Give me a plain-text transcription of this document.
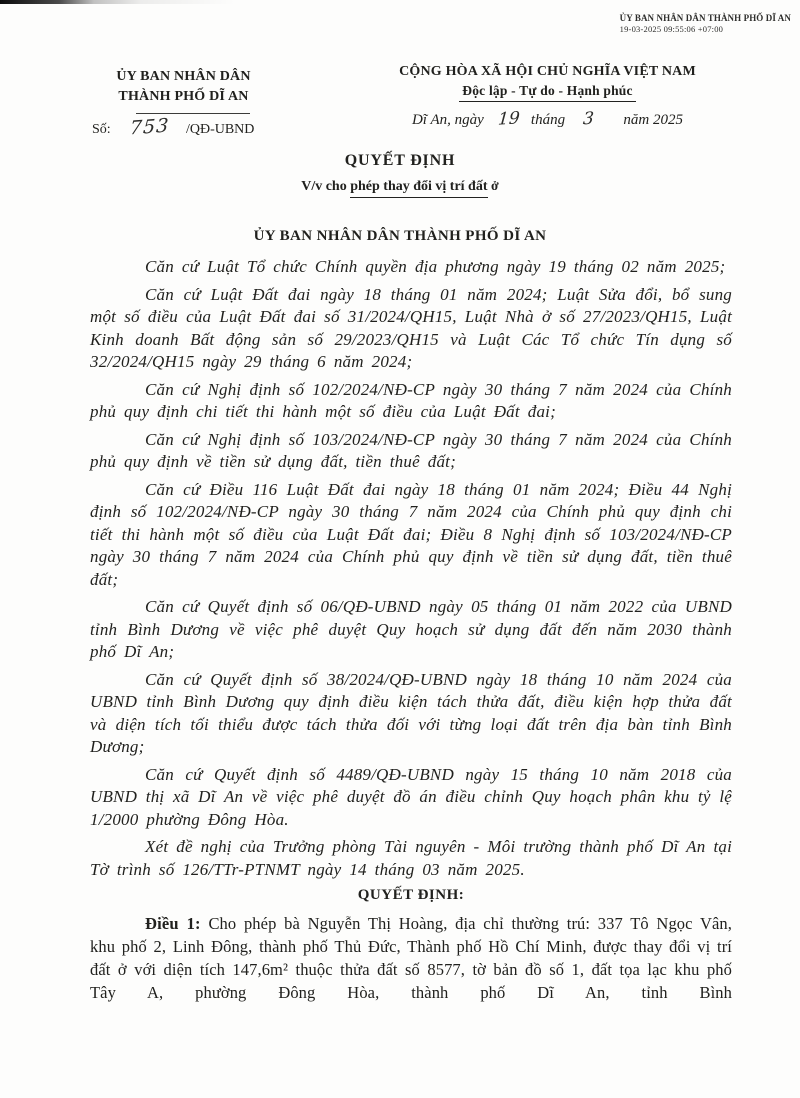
ỦY BAN NHÂN DÂN THÀNH PHỐ DĨ AN
19-03-2025 09:55:06 +07:00
ỦY BAN NHÂN DÂN
THÀNH PHỐ DĨ AN
Số: 753 /QĐ-UBND
CỘNG HÒA XÃ HỘI CHỦ NGHĨA VIỆT NAM
Độc lập - Tự do - Hạnh phúc
Dĩ An, ngày 19 tháng 3 năm 2025
QUYẾT ĐỊNH
V/v cho phép thay đổi vị trí đất ở
ỦY BAN NHÂN DÂN THÀNH PHỐ DĨ AN

Căn cứ Luật Tổ chức Chính quyền địa phương ngày 19 tháng 02 năm 2025;

Căn cứ Luật Đất đai ngày 18 tháng 01 năm 2024; Luật Sửa đổi, bổ sung một số điều của Luật Đất đai số 31/2024/QH15, Luật Nhà ở số 27/2023/QH15, Luật Kinh doanh Bất động sản số 29/2023/QH15 và Luật Các Tổ chức Tín dụng số 32/2024/QH15 ngày 29 tháng 6 năm 2024;

Căn cứ Nghị định số 102/2024/NĐ-CP ngày 30 tháng 7 năm 2024 của Chính phủ quy định chi tiết thi hành một số điều của Luật Đất đai;

Căn cứ Nghị định số 103/2024/NĐ-CP ngày 30 tháng 7 năm 2024 của Chính phủ quy định về tiền sử dụng đất, tiền thuê đất;

Căn cứ Điều 116 Luật Đất đai ngày 18 tháng 01 năm 2024; Điều 44 Nghị định số 102/2024/NĐ-CP ngày 30 tháng 7 năm 2024 của Chính phủ quy định chi tiết thi hành một số điều của Luật Đất đai; Điều 8 Nghị định số 103/2024/NĐ-CP ngày 30 tháng 7 năm 2024 của Chính phủ quy định về tiền sử dụng đất, tiền thuê đất;

Căn cứ Quyết định số 06/QĐ-UBND ngày 05 tháng 01 năm 2022 của UBND tỉnh Bình Dương về việc phê duyệt Quy hoạch sử dụng đất đến năm 2030 thành phố Dĩ An;

Căn cứ Quyết định số 38/2024/QĐ-UBND ngày 18 tháng 10 năm 2024 của UBND tỉnh Bình Dương quy định điều kiện tách thửa đất, điều kiện hợp thửa đất và diện tích tối thiểu được tách thửa đối với từng loại đất trên địa bàn tỉnh Bình Dương;

Căn cứ Quyết định số 4489/QĐ-UBND ngày 15 tháng 10 năm 2018 của UBND thị xã Dĩ An về việc phê duyệt đồ án điều chỉnh Quy hoạch phân khu tỷ lệ 1/2000 phường Đông Hòa.

Xét đề nghị của Trưởng phòng Tài nguyên - Môi trường thành phố Dĩ An tại Tờ trình số 126/TTr-PTNMT ngày 14 tháng 03 năm 2025.

QUYẾT ĐỊNH:

Điều 1: Cho phép bà Nguyễn Thị Hoàng, địa chỉ thường trú: 337 Tô Ngọc Vân, khu phố 2, Linh Đông, thành phố Thủ Đức, Thành phố Hồ Chí Minh, được thay đổi vị trí đất ở với diện tích 147,6m² thuộc thửa đất số 8577, tờ bản đồ số 1, đất tọa lạc khu phố Tây A, phường Đông Hòa, thành phố Dĩ An, tỉnh Bình
